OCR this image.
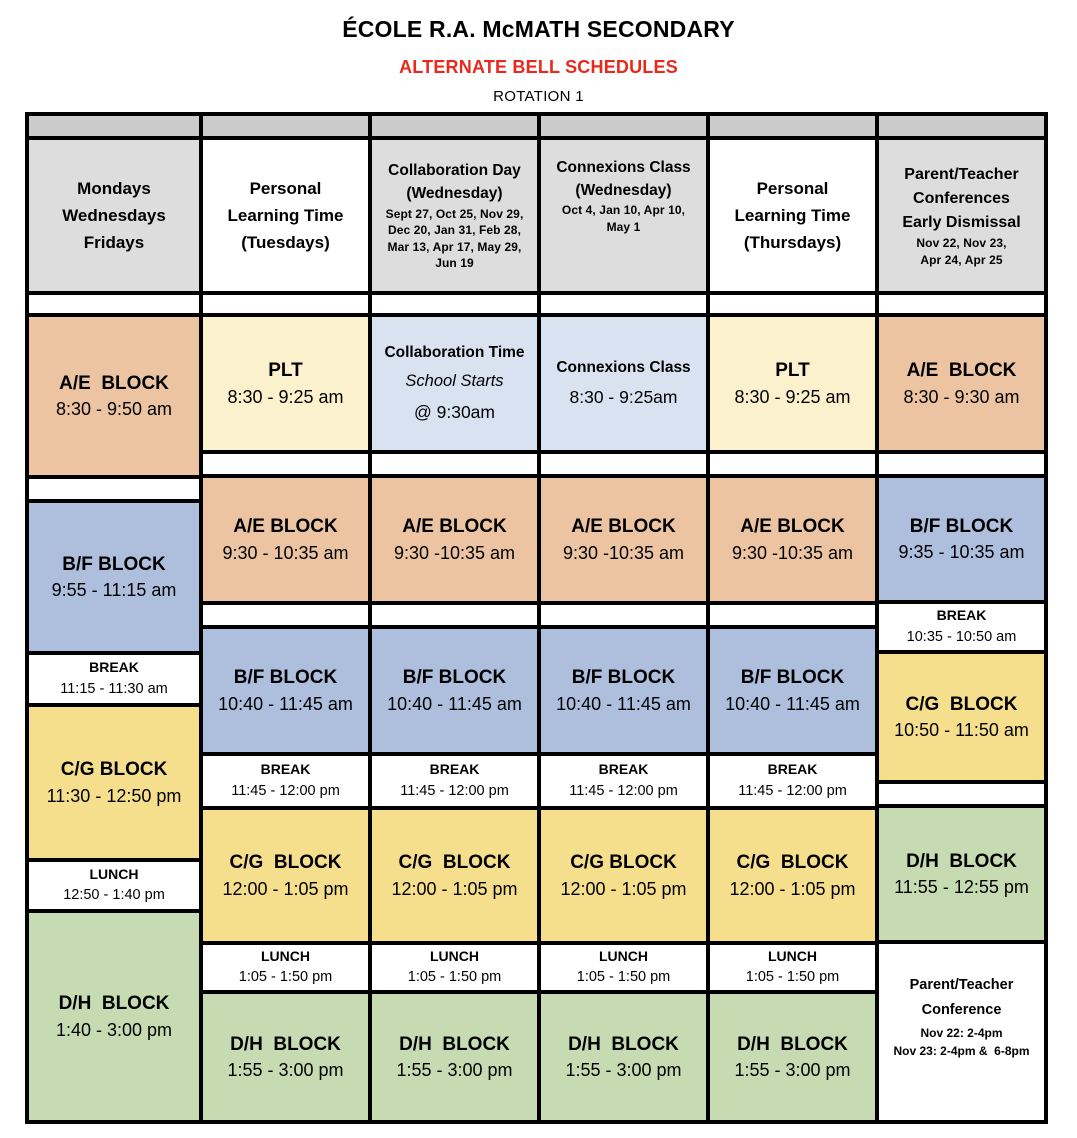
ÉCOLE R.A. McMATH SECONDARY
ALTERNATE BELL SCHEDULES
ROTATION 1
Mondays
Wednesdays
Fridays
A/E  BLOCK
8:30 - 9:50 am
B/F BLOCK
9:55 - 11:15 am
BREAK
11:15 - 11:30 am
C/G BLOCK
11:30 - 12:50 pm
LUNCH
12:50 - 1:40 pm
D/H  BLOCK
1:40 - 3:00 pm
Personal
Learning Time
(Tuesdays)
PLT
8:30 - 9:25 am
A/E BLOCK
9:30 - 10:35 am
B/F BLOCK
10:40 - 11:45 am
BREAK
11:45 - 12:00 pm
C/G  BLOCK
12:00 - 1:05 pm
LUNCH
1:05 - 1:50 pm
D/H  BLOCK
1:55 - 3:00 pm
Collaboration Day
(Wednesday)
Sept 27, Oct 25, Nov 29,
Dec 20, Jan 31, Feb 28,
Mar 13, Apr 17, May 29,
Jun 19
Collaboration Time
School Starts
@ 9:30am
A/E BLOCK
9:30 -10:35 am
B/F BLOCK
10:40 - 11:45 am
BREAK
11:45 - 12:00 pm
C/G  BLOCK
12:00 - 1:05 pm
LUNCH
1:05 - 1:50 pm
D/H  BLOCK
1:55 - 3:00 pm
Connexions Class
(Wednesday)
Oct 4, Jan 10, Apr 10,
May 1
Connexions Class
8:30 - 9:25am
A/E BLOCK
9:30 -10:35 am
B/F BLOCK
10:40 - 11:45 am
BREAK
11:45 - 12:00 pm
C/G BLOCK
12:00 - 1:05 pm
LUNCH
1:05 - 1:50 pm
D/H  BLOCK
1:55 - 3:00 pm
Personal
Learning Time
(Thursdays)
PLT
8:30 - 9:25 am
A/E BLOCK
9:30 -10:35 am
B/F BLOCK
10:40 - 11:45 am
BREAK
11:45 - 12:00 pm
C/G  BLOCK
12:00 - 1:05 pm
LUNCH
1:05 - 1:50 pm
D/H  BLOCK
1:55 - 3:00 pm
Parent/Teacher
Conferences
Early Dismissal
Nov 22, Nov 23,
Apr 24, Apr 25
A/E  BLOCK
8:30 - 9:30 am
B/F BLOCK
9:35 - 10:35 am
BREAK
10:35 - 10:50 am
C/G  BLOCK
10:50 - 11:50 am
D/H  BLOCK
11:55 - 12:55 pm
Parent/Teacher
Conference
Nov 22: 2-4pm
Nov 23: 2-4pm &  6-8pm
